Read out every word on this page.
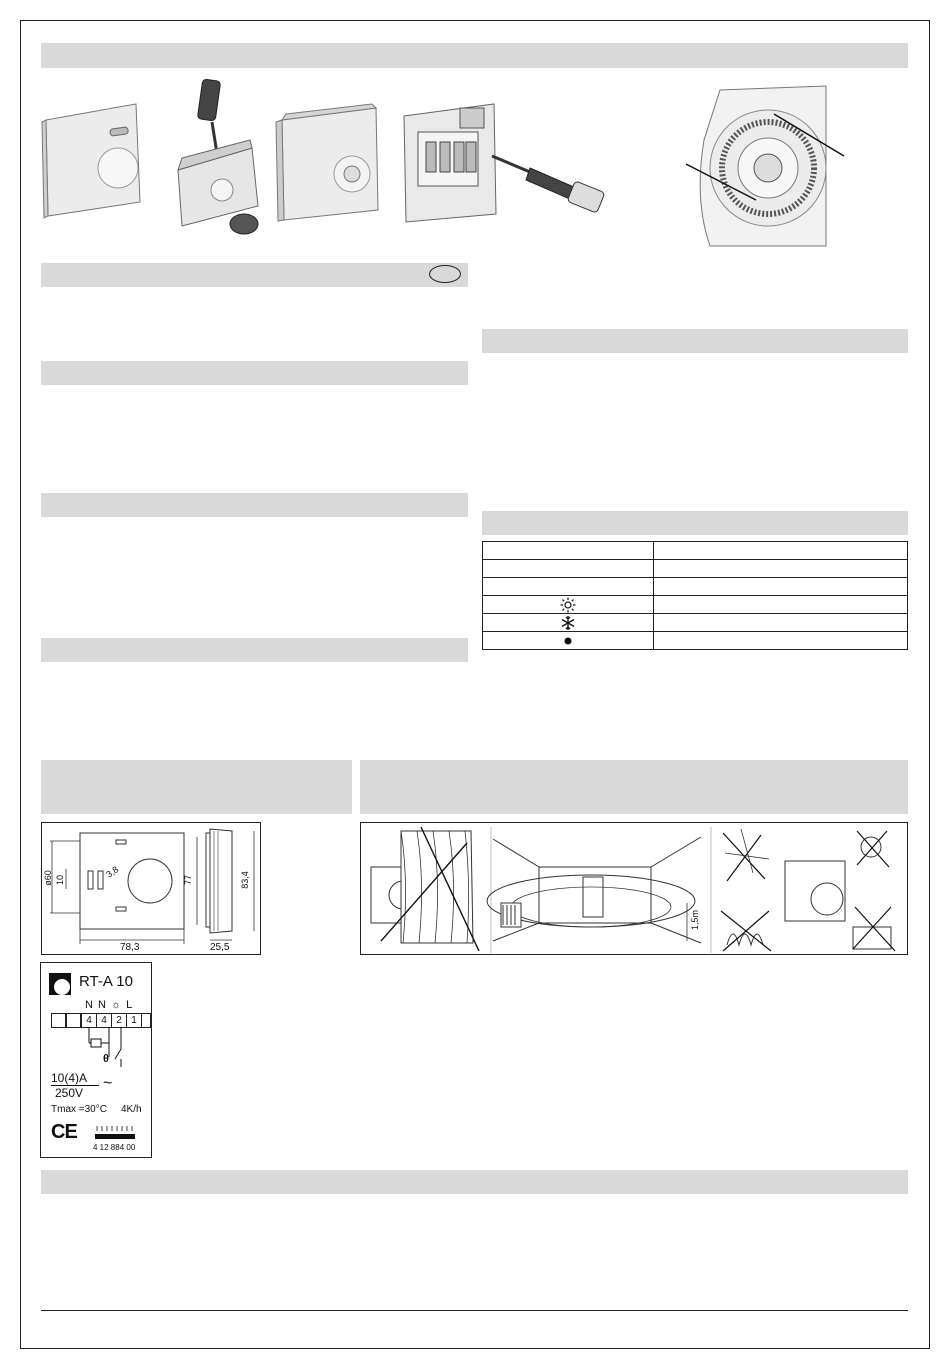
ø60 10
3,8
78,3
77	83,4
25,5
1,5m
RT-A 10
N N ☼ L
4 4 2 1
θ
10(4)A
250V
~
Tmax =30°C 4K/h
CE
4 12 884 00
